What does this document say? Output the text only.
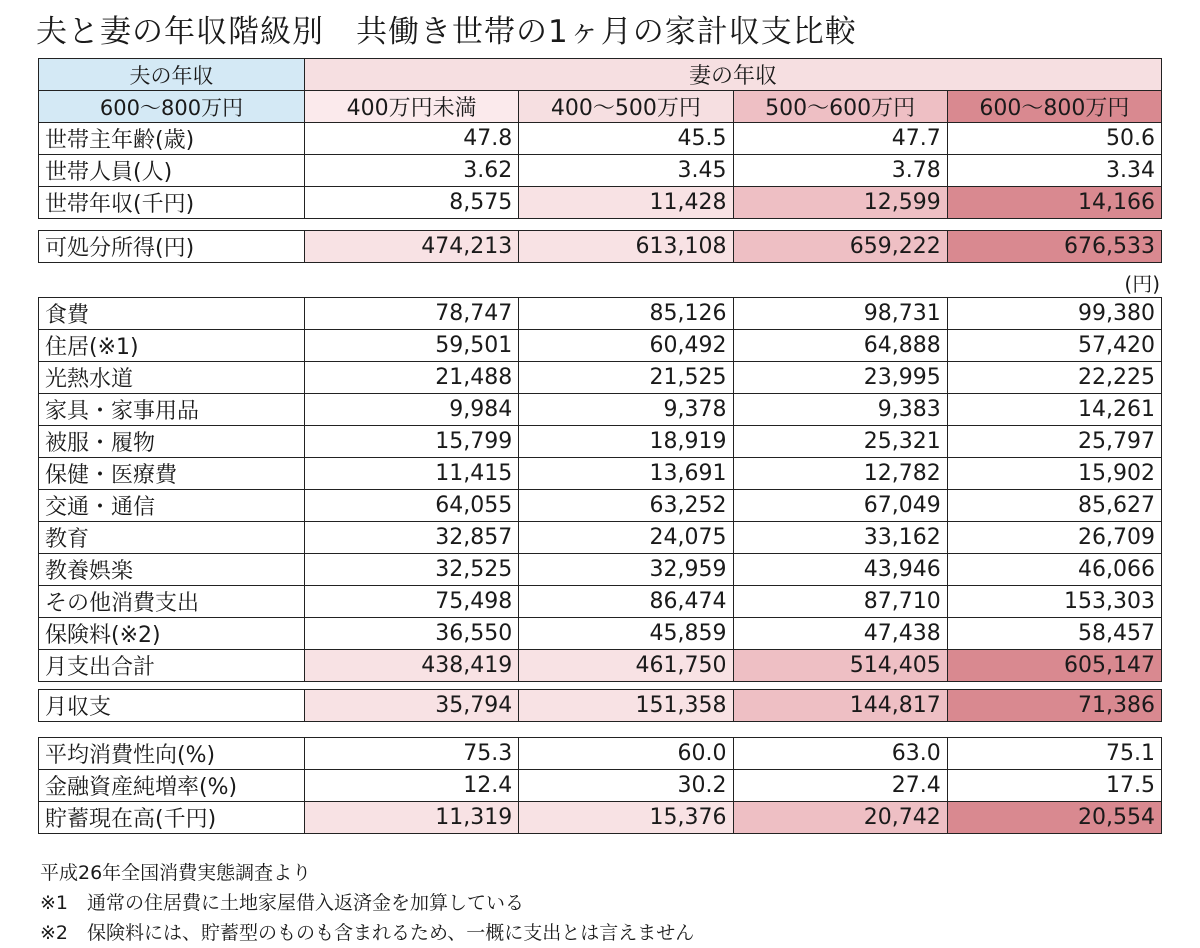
夫と妻の年収階級別　共働き世帯の1ヶ月の家計収支比較
夫の年収	妻の年収			
600～800万円	400万円未満	400～500万円	500～600万円	600～800万円
世帯主年齢(歳)	47.8	45.5	47.7	50.6
世帯人員(人)	3.62	3.45	3.78	3.34
世帯年収(千円)	8,575	11,428	12,599	14,166
可処分所得(円)	474,213	613,108	659,222	676,533
(円)
食費	78,747	85,126	98,731	99,380
住居(※1)	59,501	60,492	64,888	57,420
光熱水道	21,488	21,525	23,995	22,225
家具・家事用品	9,984	9,378	9,383	14,261
被服・履物	15,799	18,919	25,321	25,797
保健・医療費	11,415	13,691	12,782	15,902
交通・通信	64,055	63,252	67,049	85,627
教育	32,857	24,075	33,162	26,709
教養娯楽	32,525	32,959	43,946	46,066
その他消費支出	75,498	86,474	87,710	153,303
保険料(※2)	36,550	45,859	47,438	58,457
月支出合計	438,419	461,750	514,405	605,147
月収支	35,794	151,358	144,817	71,386
平均消費性向(%)	75.3	60.0	63.0	75.1
金融資産純増率(%)	12.4	30.2	27.4	17.5
貯蓄現在高(千円)	11,319	15,376	20,742	20,554
平成26年全国消費実態調査より
※1　通常の住居費に土地家屋借入返済金を加算している
※2　保険料には、貯蓄型のものも含まれるため、一概に支出とは言えません
